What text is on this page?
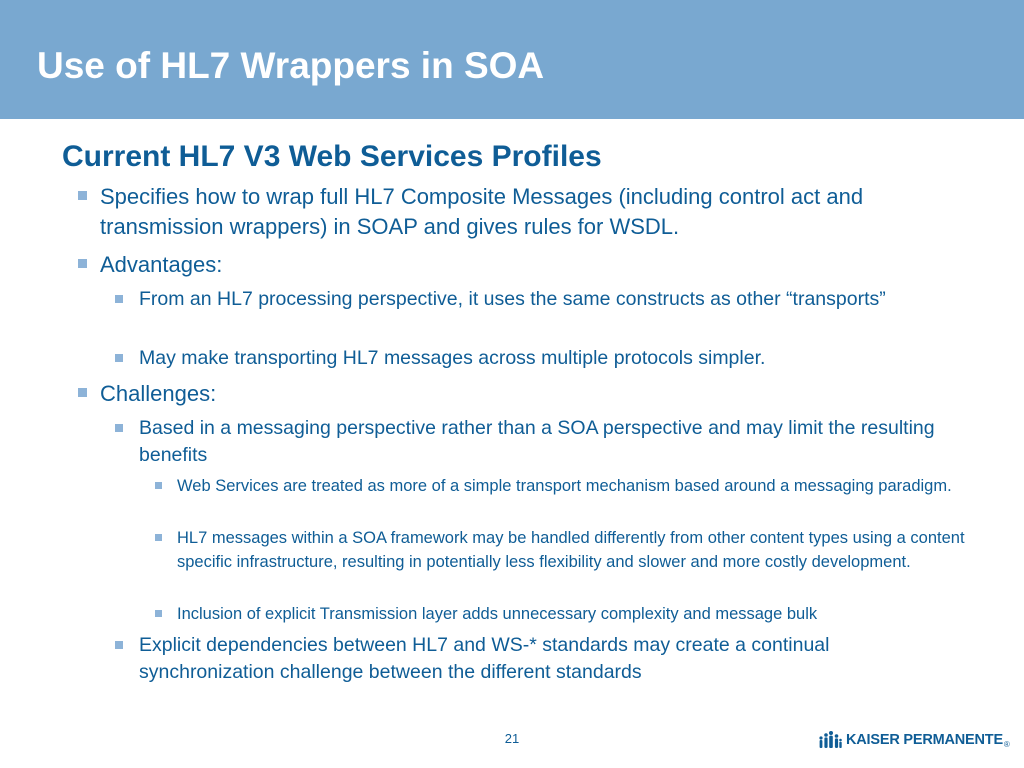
Use of HL7 Wrappers in SOA
Current HL7 V3 Web Services Profiles
Specifies how to wrap full HL7 Composite Messages (including control act and transmission wrappers) in SOAP and gives rules for WSDL.
Advantages:
From an HL7 processing perspective, it uses the same constructs as other “transports”
May make transporting HL7 messages across multiple protocols simpler.
Challenges:
Based in a messaging perspective rather than a SOA perspective and may limit the resulting benefits
Web Services are treated as more of a simple transport mechanism based around a messaging paradigm.
HL7 messages within a SOA framework may be handled differently from other content types using a content specific infrastructure, resulting in potentially less flexibility and slower and more costly development.
Inclusion of explicit Transmission layer adds unnecessary complexity and message bulk
Explicit dependencies between HL7 and WS-* standards may create a continual synchronization challenge between the different standards
21	KAISER PERMANENTE ®
